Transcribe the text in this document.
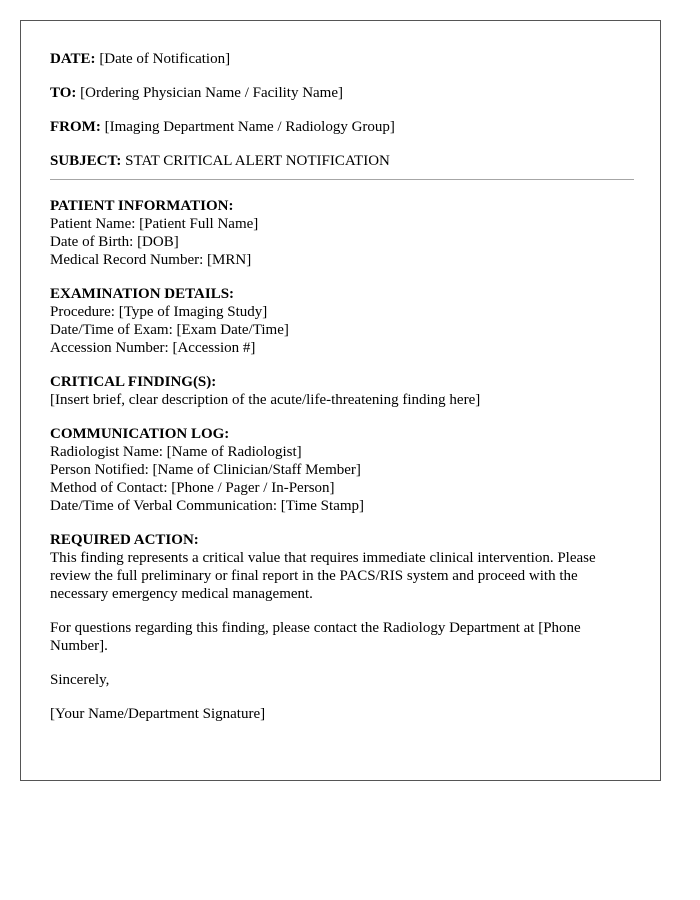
DATE: [Date of Notification]

TO: [Ordering Physician Name / Facility Name]

FROM: [Imaging Department Name / Radiology Group]

SUBJECT: STAT CRITICAL ALERT NOTIFICATION

PATIENT INFORMATION:
Patient Name: [Patient Full Name]
Date of Birth: [DOB]
Medical Record Number: [MRN]
EXAMINATION DETAILS:
Procedure: [Type of Imaging Study]
Date/Time of Exam: [Exam Date/Time]
Accession Number: [Accession #]
CRITICAL FINDING(S):
[Insert brief, clear description of the acute/life-threatening finding here]
COMMUNICATION LOG:
Radiologist Name: [Name of Radiologist]
Person Notified: [Name of Clinician/Staff Member]
Method of Contact: [Phone / Pager / In-Person]
Date/Time of Verbal Communication: [Time Stamp]
REQUIRED ACTION:
This finding represents a critical value that requires immediate clinical intervention. Please review the full preliminary or final report in the PACS/RIS system and proceed with the necessary emergency medical management.

For questions regarding this finding, please contact the Radiology Department at [Phone Number].

Sincerely,

[Your Name/Department Signature]
